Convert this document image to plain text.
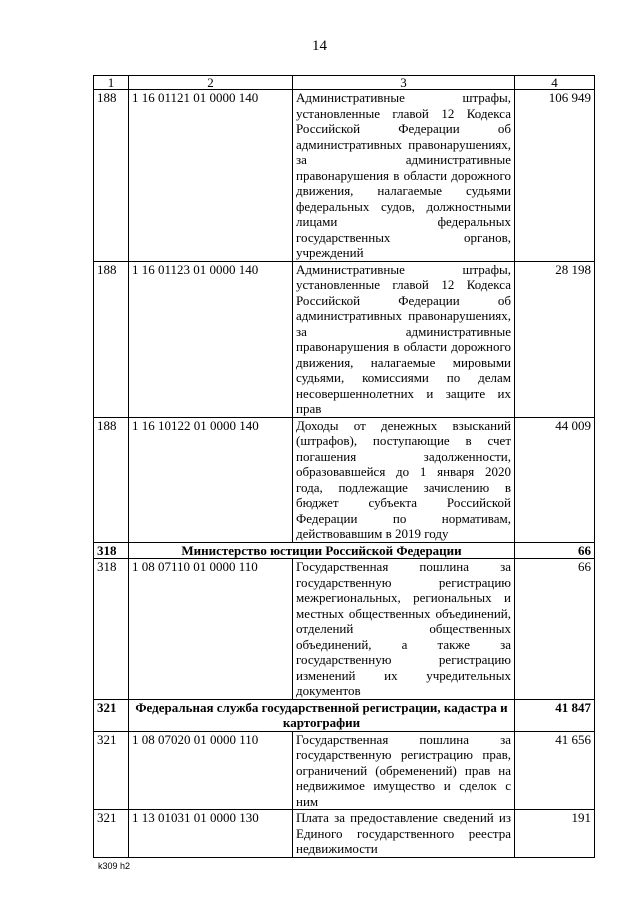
14
1	2	3	4
188	1 16 01121 01 0000 140	Административные штрафы, установленные главой 12 Кодекса Российской Федерации об административных правонарушениях, за административные правонарушения в области дорожного движения, налагаемые судьями федеральных судов, должностными лицами федеральных государственных органов, учреждений	106 949
188	1 16 01123 01 0000 140	Административные штрафы, установленные главой 12 Кодекса Российской Федерации об административных правонарушениях, за административные правонарушения в области дорожного движения, налагаемые мировыми судьями, комиссиями по делам несовершеннолетних и защите их прав	28 198
188	1 16 10122 01 0000 140	Доходы от денежных взысканий (штрафов), поступающие в счет погашения задолженности, образовавшейся до 1 января 2020 года, подлежащие зачислению в бюджет субъекта Российской Федерации по нормативам, действовавшим в 2019 году	44 009
318	Министерство юстиции Российской Федерации		66
318	1 08 07110 01 0000 110	Государственная пошлина за государственную регистрацию межрегиональных, региональных и местных общественных объединений, отделений общественных объединений, а также за государственную регистрацию изменений их учредительных документов	66
321	Федеральная служба государственной регистрации, кадастра и картографии		41 847
321	1 08 07020 01 0000 110	Государственная пошлина за государственную регистрацию прав, ограничений (обременений) прав на недвижимое имущество и сделок с ним	41 656
321	1 13 01031 01 0000 130	Плата за предоставление сведений из Единого государственного реестра недвижимости	191
k309 h2
